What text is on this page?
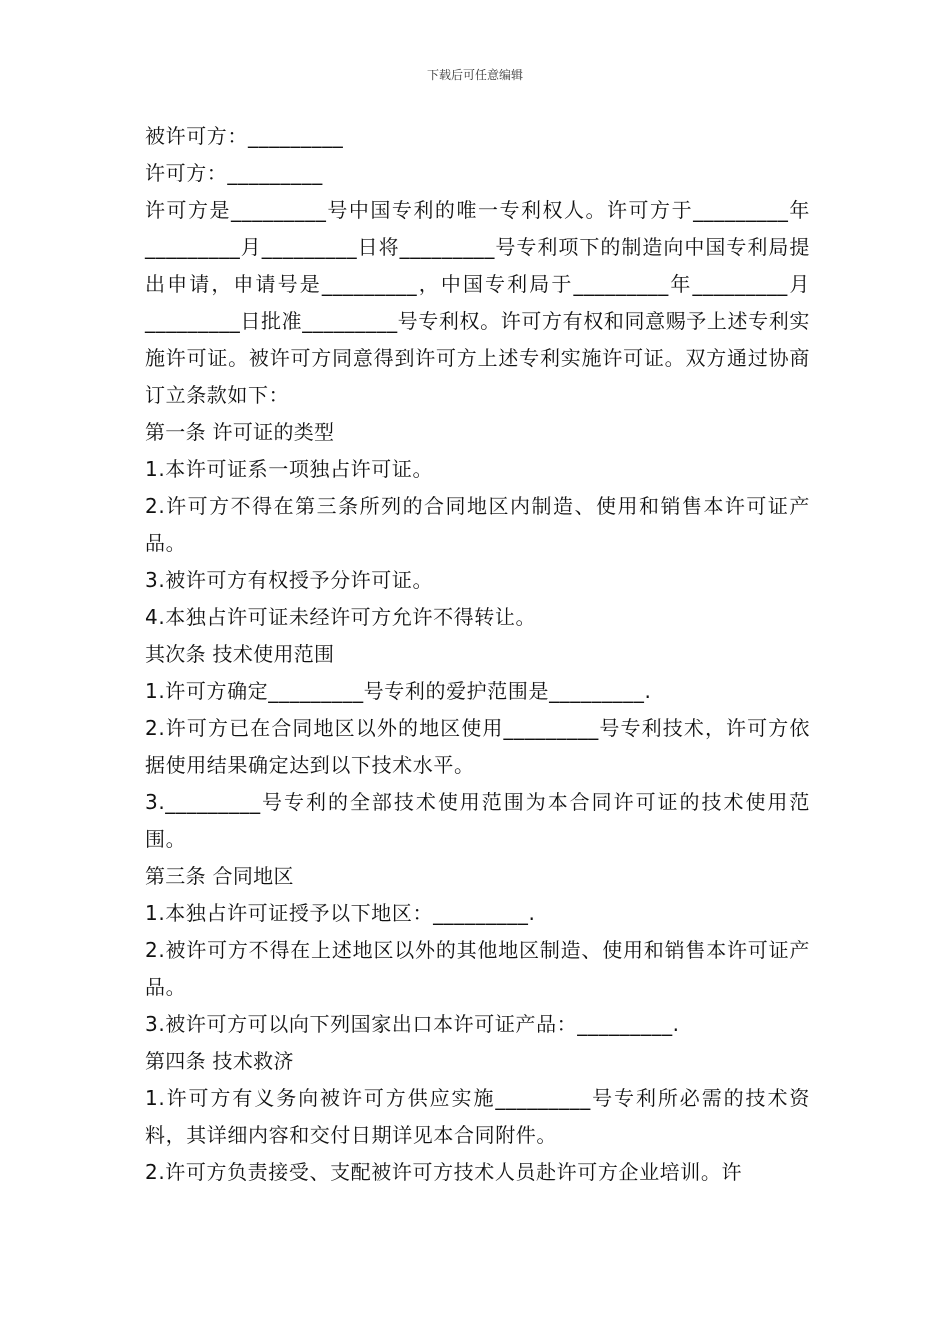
下载后可任意编辑

被许可方：_________

许可方：_________

许可方是_________号中国专利的唯一专利权人。许可方于_________年_________月_________日将_________号专利项下的制造向中国专利局提出申请，申请号是_________，中国专利局于_________年_________月_________日批准_________号专利权。许可方有权和同意赐予上述专利实施许可证。被许可方同意得到许可方上述专利实施许可证。双方通过协商订立条款如下：

第一条 许可证的类型

1.本许可证系一项独占许可证。

2.许可方不得在第三条所列的合同地区内制造、使用和销售本许可证产品。

3.被许可方有权授予分许可证。

4.本独占许可证未经许可方允许不得转让。

其次条 技术使用范围

1.许可方确定_________号专利的爱护范围是_________.

2.许可方已在合同地区以外的地区使用_________号专利技术，许可方依据使用结果确定达到以下技术水平。

3._________号专利的全部技术使用范围为本合同许可证的技术使用范围。

第三条 合同地区

1.本独占许可证授予以下地区：_________.

2.被许可方不得在上述地区以外的其他地区制造、使用和销售本许可证产品。

3.被许可方可以向下列国家出口本许可证产品：_________.

第四条 技术救济

1.许可方有义务向被许可方供应实施_________号专利所必需的技术资料，其详细内容和交付日期详见本合同附件。

2.许可方负责接受、支配被许可方技术人员赴许可方企业培训。许
